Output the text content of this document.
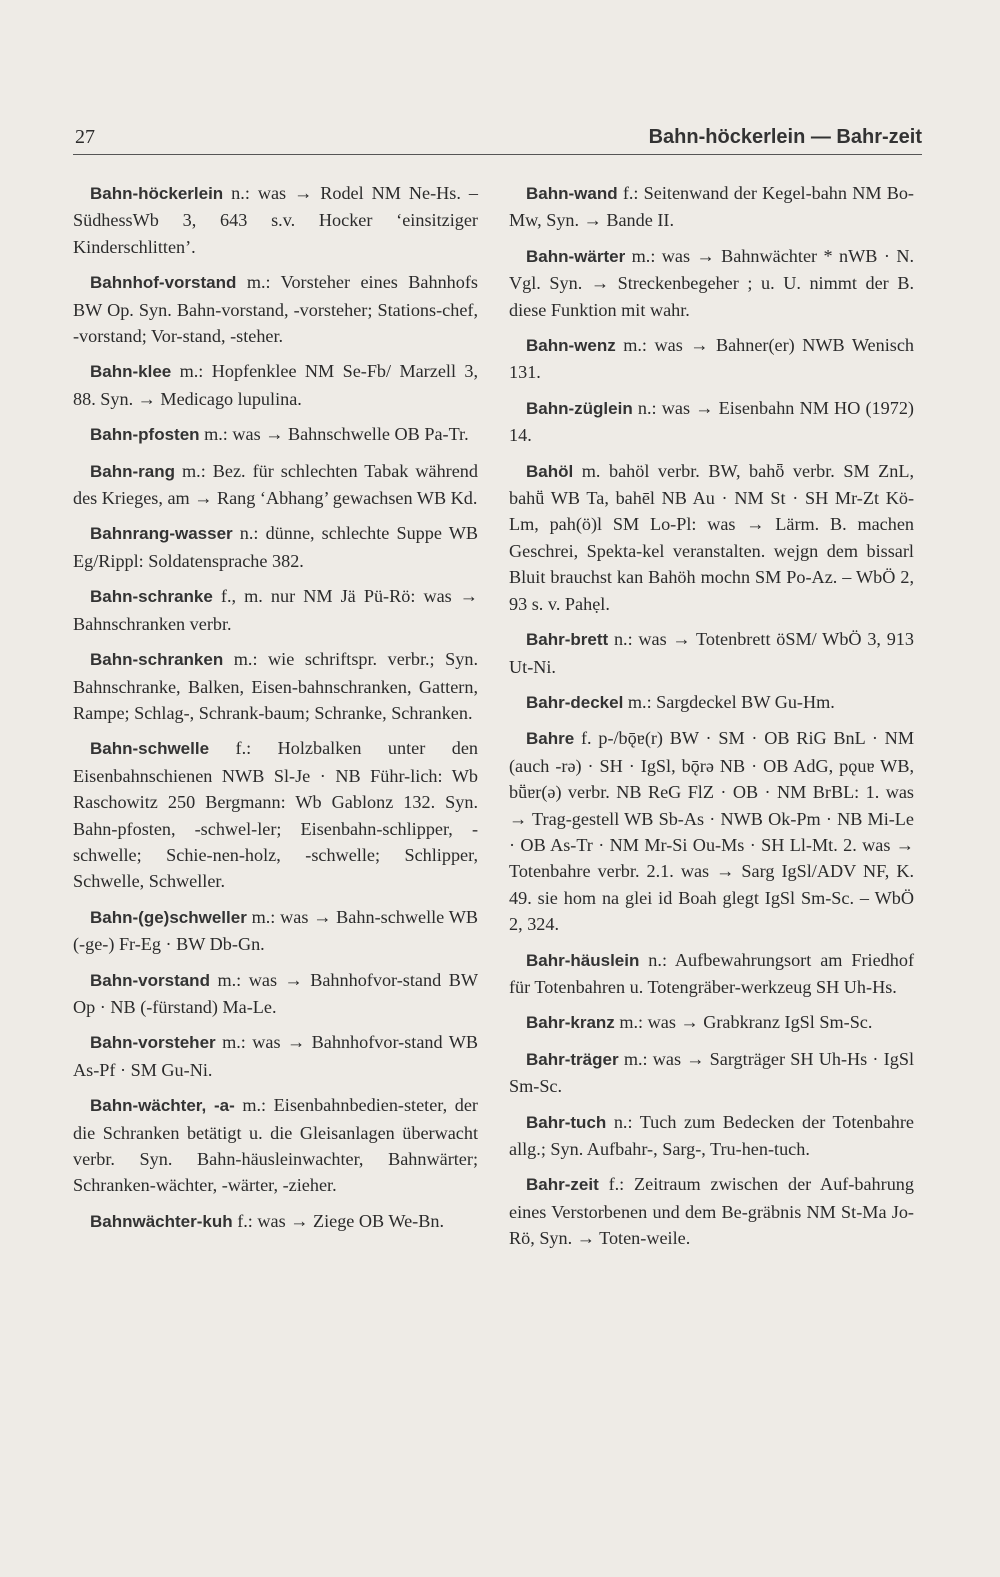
27	Bahn-höckerlein — Bahr-zeit

Bahn-höckerlein n.: was → Rodel NM Ne-Hs. – SüdhessWb 3, 643 s.v. Hocker ‘einsitziger Kinderschlitten’.

Bahnhof-vorstand m.: Vorsteher eines Bahnhofs BW Op. Syn. Bahn-vorstand, -vorsteher; Stations-chef, -vorstand; Vor-stand, -steher.

Bahn-klee m.: Hopfenklee NM Se-Fb/ Marzell 3, 88. Syn. → Medicago lupulina.

Bahn-pfosten m.: was → Bahnschwelle OB Pa-Tr.

Bahn-rang m.: Bez. für schlechten Tabak während des Krieges, am → Rang ‘Abhang’ gewachsen WB Kd.

Bahnrang-wasser n.: dünne, schlechte Suppe WB Eg/Rippl: Soldatensprache 382.

Bahn-schranke f., m. nur NM Jä Pü-Rö: was → Bahnschranken verbr.

Bahn-schranken m.: wie schriftspr. verbr.; Syn. Bahnschranke, Balken, Eisen-bahnschranken, Gattern, Rampe; Schlag-, Schrank-baum; Schranke, Schranken.

Bahn-schwelle f.: Holzbalken unter den Eisenbahnschienen NWB Sl-Je · NB Führ-lich: Wb Raschowitz 250 Bergmann: Wb Gablonz 132. Syn. Bahn-pfosten, -schwel-ler; Eisenbahn-schlipper, -schwelle; Schie-nen-holz, -schwelle; Schlipper, Schwelle, Schweller.

Bahn-(ge)schweller m.: was → Bahn-schwelle WB (-ge-) Fr-Eg · BW Db-Gn.

Bahn-vorstand m.: was → Bahnhofvor-stand BW Op · NB (-fürstand) Ma-Le.

Bahn-vorsteher m.: was → Bahnhofvor-stand WB As-Pf · SM Gu-Ni.

Bahn-wächter, -a- m.: Eisenbahnbedien-steter, der die Schranken betätigt u. die Gleisanlagen überwacht verbr. Syn. Bahn-häusleinwachter, Bahnwärter; Schranken-wächter, -wärter, -zieher.

Bahnwächter-kuh f.: was → Ziege OB We-Bn.

Bahn-wand f.: Seitenwand der Kegel-bahn NM Bo-Mw, Syn. → Bande II.

Bahn-wärter m.: was → Bahnwächter * nWB · N. Vgl. Syn. → Streckenbegeher ; u. U. nimmt der B. diese Funktion mit wahr.

Bahn-wenz m.: was → Bahner(er) NWB Wenisch 131.

Bahn-züglein n.: was → Eisenbahn NM HO (1972) 14.

Bahöl m. bahöl verbr. BW, bahȫ verbr. SM ZnL, bahṻ WB Ta, bahēl NB Au · NM St · SH Mr-Zt Kö-Lm, pah(ö)l SM Lo-Pl: was → Lärm. B. machen Geschrei, Spekta-kel veranstalten. wejgn dem bissarl Bluit brauchst kan Bahöh mochn SM Po-Az. – WbÖ 2, 93 s. v. Pahẹl.

Bahr-brett n.: was → Totenbrett öSM/ WbÖ 3, 913 Ut-Ni.

Bahr-deckel m.: Sargdeckel BW Gu-Hm.

Bahre f. p-/bǭɐ(r) BW · SM · OB RiG BnL · NM (auch -rə) · SH · IgSl, bǭrə NB · OB AdG, pǫuɐ WB, bṻɐr(ə) verbr. NB ReG FlZ · OB · NM BrBL: 1. was → Trag-gestell WB Sb-As · NWB Ok-Pm · NB Mi-Le · OB As-Tr · NM Mr-Si Ou-Ms · SH Ll-Mt. 2. was → Totenbahre verbr. 2.1. was → Sarg IgSl/ADV NF, K. 49. sie hom na glei id Boah glegt IgSl Sm-Sc. – WbÖ 2, 324.

Bahr-häuslein n.: Aufbewahrungsort am Friedhof für Totenbahren u. Totengräber-werkzeug SH Uh-Hs.

Bahr-kranz m.: was → Grabkranz IgSl Sm-Sc.

Bahr-träger m.: was → Sargträger SH Uh-Hs · IgSl Sm-Sc.

Bahr-tuch n.: Tuch zum Bedecken der Totenbahre allg.; Syn. Aufbahr-, Sarg-, Tru-hen-tuch.

Bahr-zeit f.: Zeitraum zwischen der Auf-bahrung eines Verstorbenen und dem Be-gräbnis NM St-Ma Jo-Rö, Syn. → Toten-weile.
